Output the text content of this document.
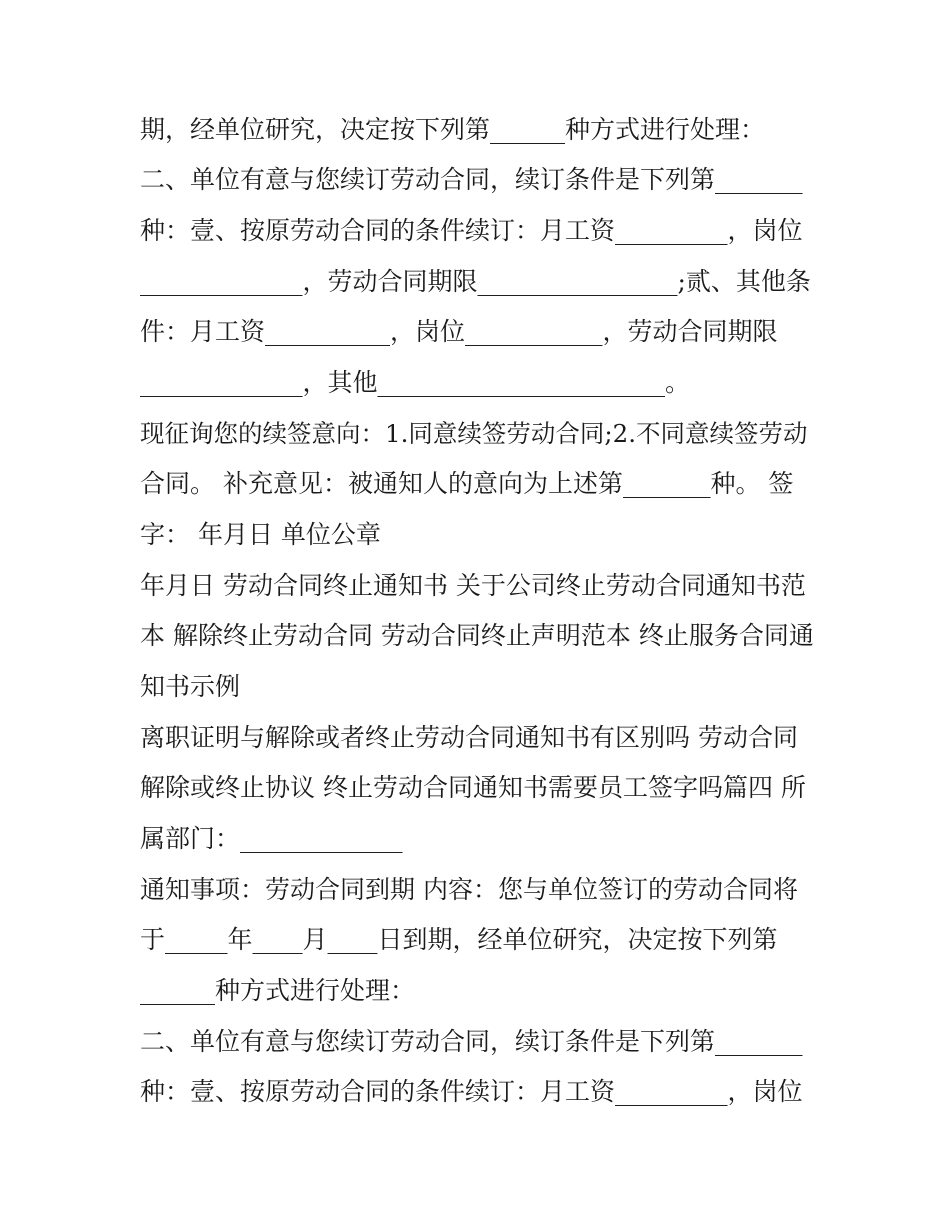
期，经单位研究，决定按下列第______种方式进行处理：
二、单位有意与您续订劳动合同，续订条件是下列第_______
种：壹、按原劳动合同的条件续订：月工资_________，岗位
_____________，劳动合同期限________________;贰、其他条
件：月工资__________，岗位___________，劳动合同期限
_____________，其他_______________________。
现征询您的续签意向：1.同意续签劳动合同;2.不同意续签劳动
合同。 补充意见：被通知人的意向为上述第_______种。 签
字： 年月日 单位公章
年月日 劳动合同终止通知书 关于公司终止劳动合同通知书范
本 解除终止劳动合同 劳动合同终止声明范本 终止服务合同通
知书示例
离职证明与解除或者终止劳动合同通知书有区别吗 劳动合同
解除或终止协议 终止劳动合同通知书需要员工签字吗篇四 所
属部门：_____________
通知事项：劳动合同到期 内容：您与单位签订的劳动合同将
于_____年____月____日到期，经单位研究，决定按下列第
______种方式进行处理：
二、单位有意与您续订劳动合同，续订条件是下列第_______
种：壹、按原劳动合同的条件续订：月工资_________，岗位
